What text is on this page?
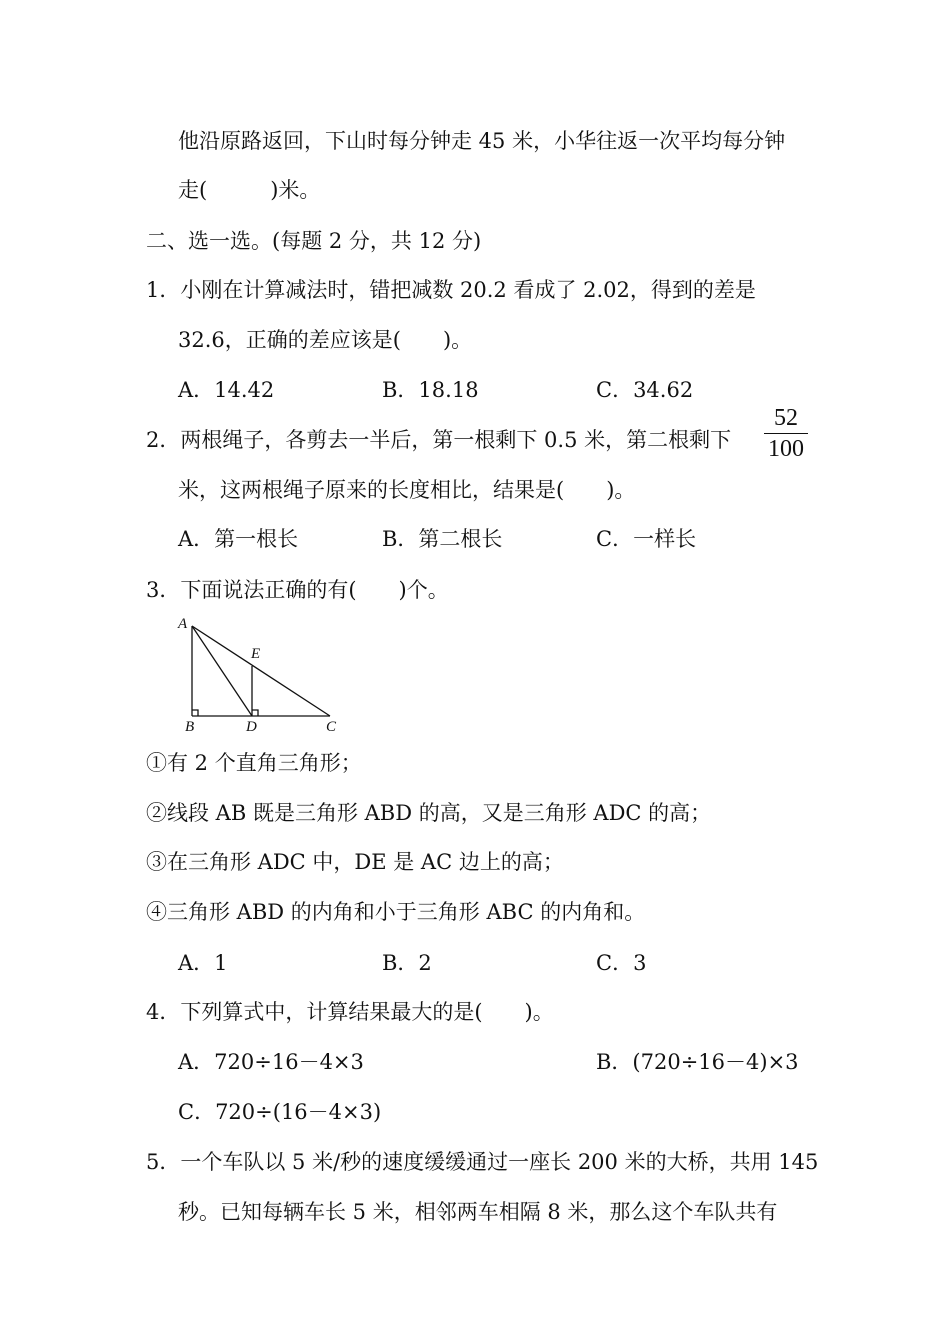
他沿原路返回，下山时每分钟走 45 米，小华往返一次平均每分钟
走(　　　)米。
二、选一选。(每题 2 分，共 12 分)
1．小刚在计算减法时，错把减数 20.2 看成了 2.02，得到的差是
32.6，正确的差应该是(　　)。
2．两根绳子，各剪去一半后，第一根剩下 0.5 米，第二根剩下
米，这两根绳子原来的长度相比，结果是(　　)。
3．下面说法正确的有(　　)个。
①有 2 个直角三角形；
②线段 AB 既是三角形 ABD 的高，又是三角形 ADC 的高；
③在三角形 ADC 中，DE 是 AC 边上的高；
④三角形 ABD 的内角和小于三角形 ABC 的内角和。
4．下列算式中，计算结果最大的是(　　)。
5．一个车队以 5 米/秒的速度缓缓通过一座长 200 米的大桥，共用 145
秒。已知每辆车长 5 米，相邻两车相隔 8 米，那么这个车队共有
A．14.42	B．18.18	C．34.62
A．第一根长	B．第二根长	C．一样长
A．1	B．2	C．3
A．720÷16－4×3	B．(720÷16－4)×3
C．720÷(16－4×3)
52
100
A
E
B	D	C
